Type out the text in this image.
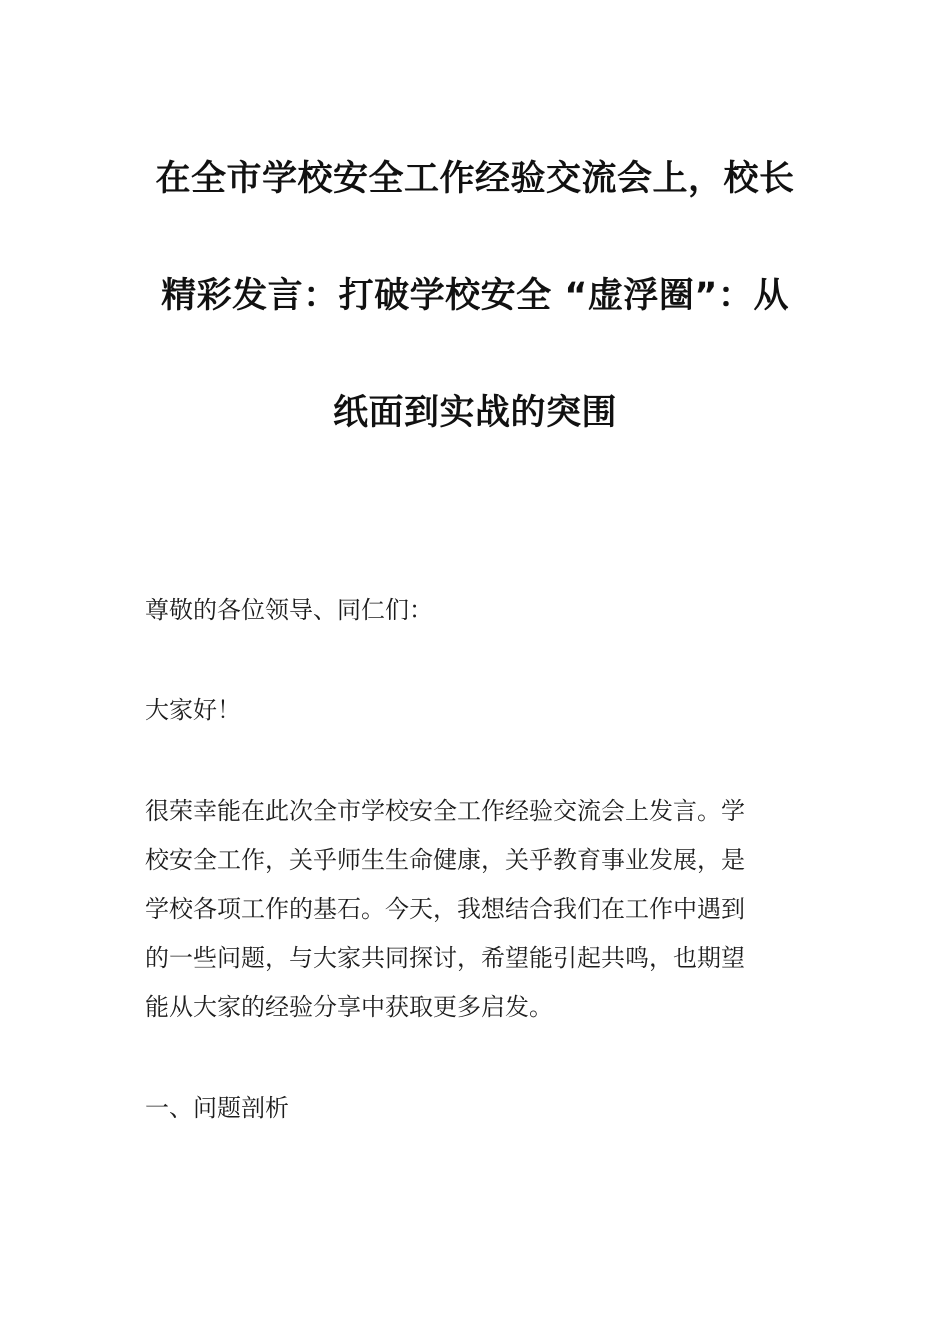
在全市学校安全工作经验交流会上，校长
精彩发言：打破学校安全 “虚浮圈”：从
纸面到实战的突围

尊敬的各位领导、同仁们：

大家好！

很荣幸能在此次全市学校安全工作经验交流会上发言。学
校安全工作，关乎师生生命健康，关乎教育事业发展，是
学校各项工作的基石。今天，我想结合我们在工作中遇到
的一些问题，与大家共同探讨，希望能引起共鸣，也期望
能从大家的经验分享中获取更多启发。

一、问题剖析
